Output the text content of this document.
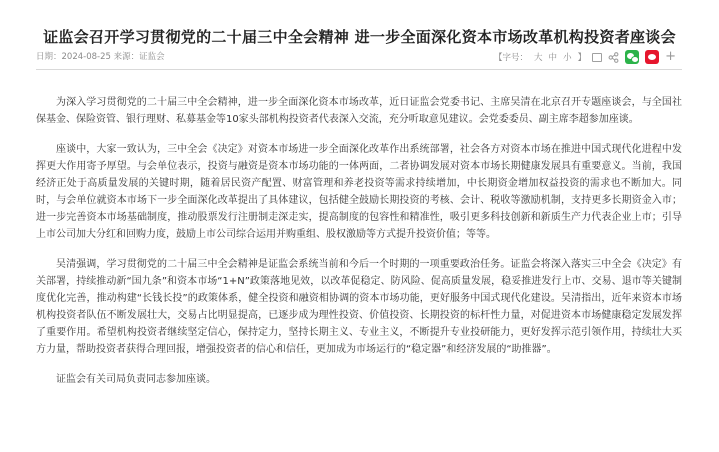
证监会召开学习贯彻党的二十届三中全会精神 进一步全面深化资本市场改革机构投资者座谈会
日期：2024-08-25 来源：证监会	【字号： 大 中 小 】	+

为深入学习贯彻党的二十届三中全会精神，进一步全面深化资本市场改革，近日证监会党委书记、主席吴清在北京召开专题座谈会，与全国社保基金、保险资管、银行理财、私募基金等10家头部机构投资者代表深入交流，充分听取意见建议。会党委委员、副主席李超参加座谈。

座谈中，大家一致认为，三中全会《决定》对资本市场进一步全面深化改革作出系统部署，社会各方对资本市场在推进中国式现代化进程中发挥更大作用寄予厚望。与会单位表示，投资与融资是资本市场功能的一体两面，二者协调发展对资本市场长期健康发展具有重要意义。当前，我国经济正处于高质量发展的关键时期，随着居民资产配置、财富管理和养老投资等需求持续增加，中长期资金增加权益投资的需求也不断加大。同时，与会单位就资本市场下一步全面深化改革提出了具体建议，包括健全鼓励长期投资的考核、会计、税收等激励机制，支持更多长期资金入市；进一步完善资本市场基础制度，推动股票发行注册制走深走实，提高制度的包容性和精准性，吸引更多科技创新和新质生产力代表企业上市；引导上市公司加大分红和回购力度，鼓励上市公司综合运用并购重组、股权激励等方式提升投资价值；等等。

吴清强调，学习贯彻党的二十届三中全会精神是证监会系统当前和今后一个时期的一项重要政治任务。证监会将深入落实三中全会《决定》有关部署，持续推动新“国九条”和资本市场“1+N”政策落地见效，以改革促稳定、防风险、促高质量发展，稳妥推进发行上市、交易、退市等关键制度优化完善，推动构建“长钱长投”的政策体系，健全投资和融资相协调的资本市场功能，更好服务中国式现代化建设。吴清指出，近年来资本市场机构投资者队伍不断发展壮大，交易占比明显提高，已逐步成为理性投资、价值投资、长期投资的标杆性力量，对促进资本市场健康稳定发展发挥了重要作用。希望机构投资者继续坚定信心，保持定力，坚持长期主义、专业主义，不断提升专业投研能力，更好发挥示范引领作用，持续壮大买方力量，帮助投资者获得合理回报，增强投资者的信心和信任，更加成为市场运行的“稳定器”和经济发展的“助推器”。

证监会有关司局负责同志参加座谈。
